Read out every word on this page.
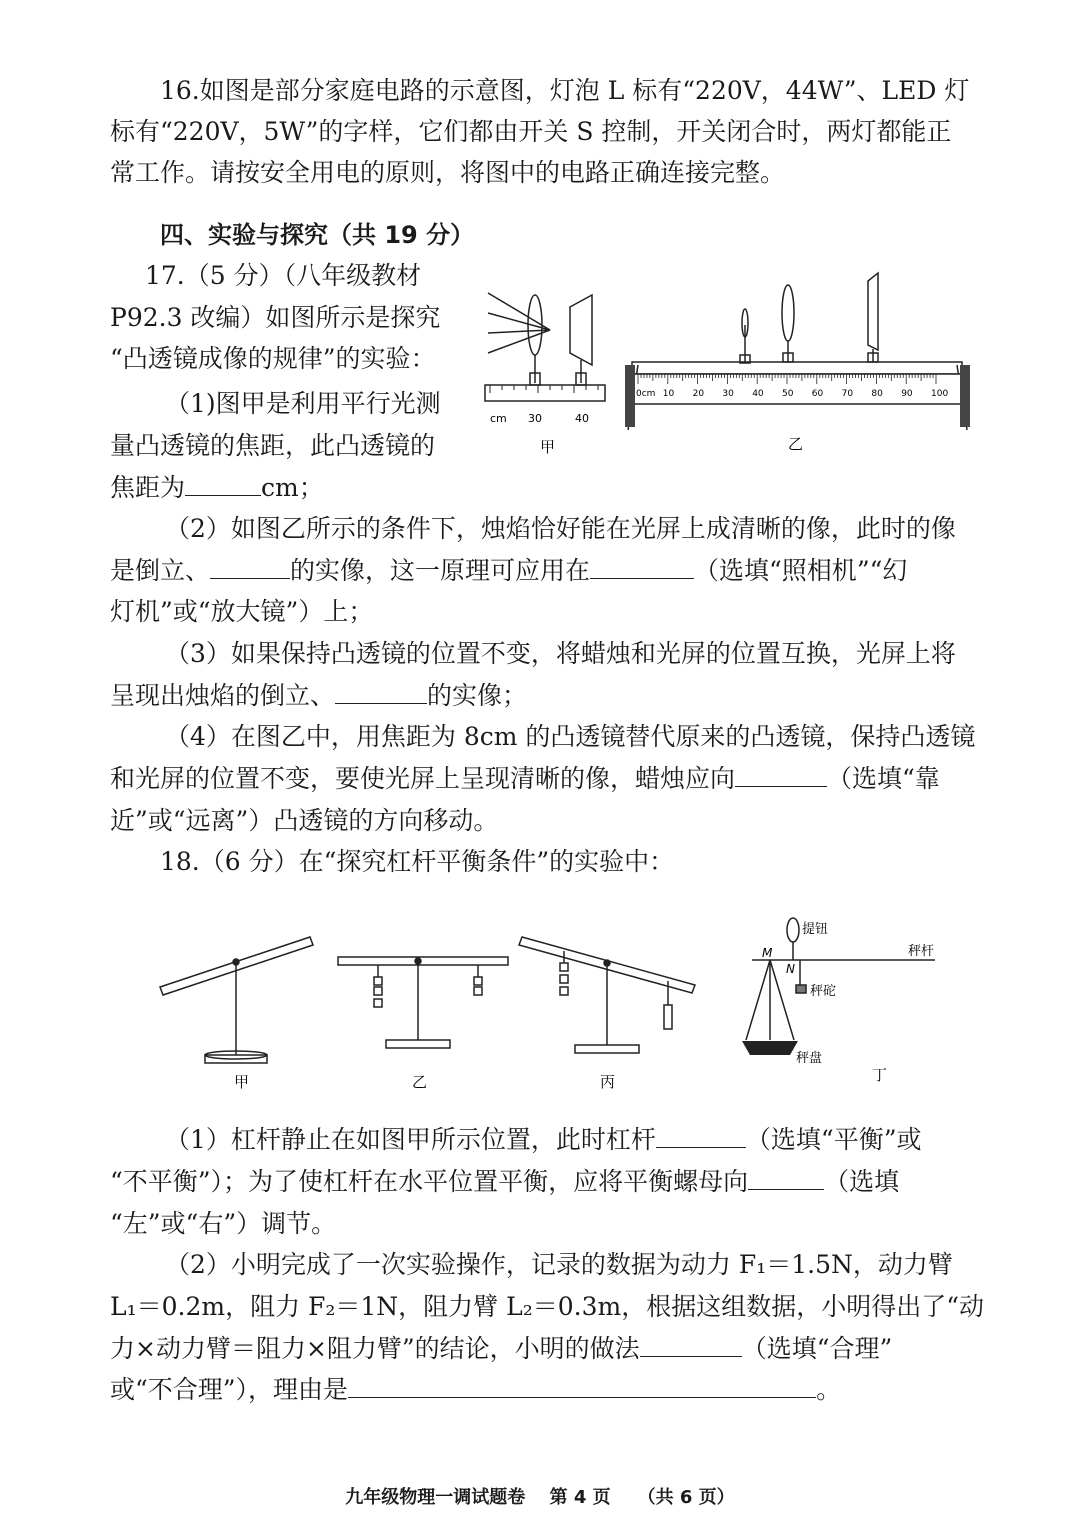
16.如图是部分家庭电路的示意图，灯泡 L 标有“220V，44W”、LED 灯
标有“220V，5W”的字样，它们都由开关 S 控制，开关闭合时，两灯都能正
常工作。请按安全用电的原则，将图中的电路正确连接完整。
四、实验与探究（共 19 分）
17.（5 分）（八年级教材
P92.3 改编）如图所示是探究
“凸透镜成像的规律”的实验：
（1)图甲是利用平行光测
量凸透镜的焦距，此凸透镜的
焦距为	cm；
cm 30	40
甲
0cm 10 20 30 40 50 60 70 80 90 100
乙
（2）如图乙所示的条件下，烛焰恰好能在光屏上成清晰的像，此时的像
是倒立、	的实像，这一原理可应用在	（选填“照相机”“幻
灯机”或“放大镜”）上；
（3）如果保持凸透镜的位置不变，将蜡烛和光屏的位置互换，光屏上将
呈现出烛焰的倒立、	的实像；
（4）在图乙中，用焦距为 8cm 的凸透镜替代原来的凸透镜，保持凸透镜
和光屏的位置不变，要使光屏上呈现清晰的像，蜡烛应向	（选填“靠
近”或“远离”）凸透镜的方向移动。
18.（6 分）在“探究杠杆平衡条件”的实验中：
甲	乙	丙	丁
M
N
提钮
秤杆
秤砣
秤盘
（1）杠杆静止在如图甲所示位置，此时杠杆	（选填“平衡”或
“不平衡”）；为了使杠杆在水平位置平衡，应将平衡螺母向	（选填
“左”或“右”）调节。
（2）小明完成了一次实验操作，记录的数据为动力 F₁＝1.5N，动力臂
L₁＝0.2m，阻力 F₂＝1N，阻力臂 L₂＝0.3m，根据这组数据，小明得出了“动
力×动力臂＝阻力×阻力臂”的结论，小明的做法	（选填“合理”
或“不合理”），理由是	。
九年级物理一调试题卷　 第 4 页　　（共 6 页）
